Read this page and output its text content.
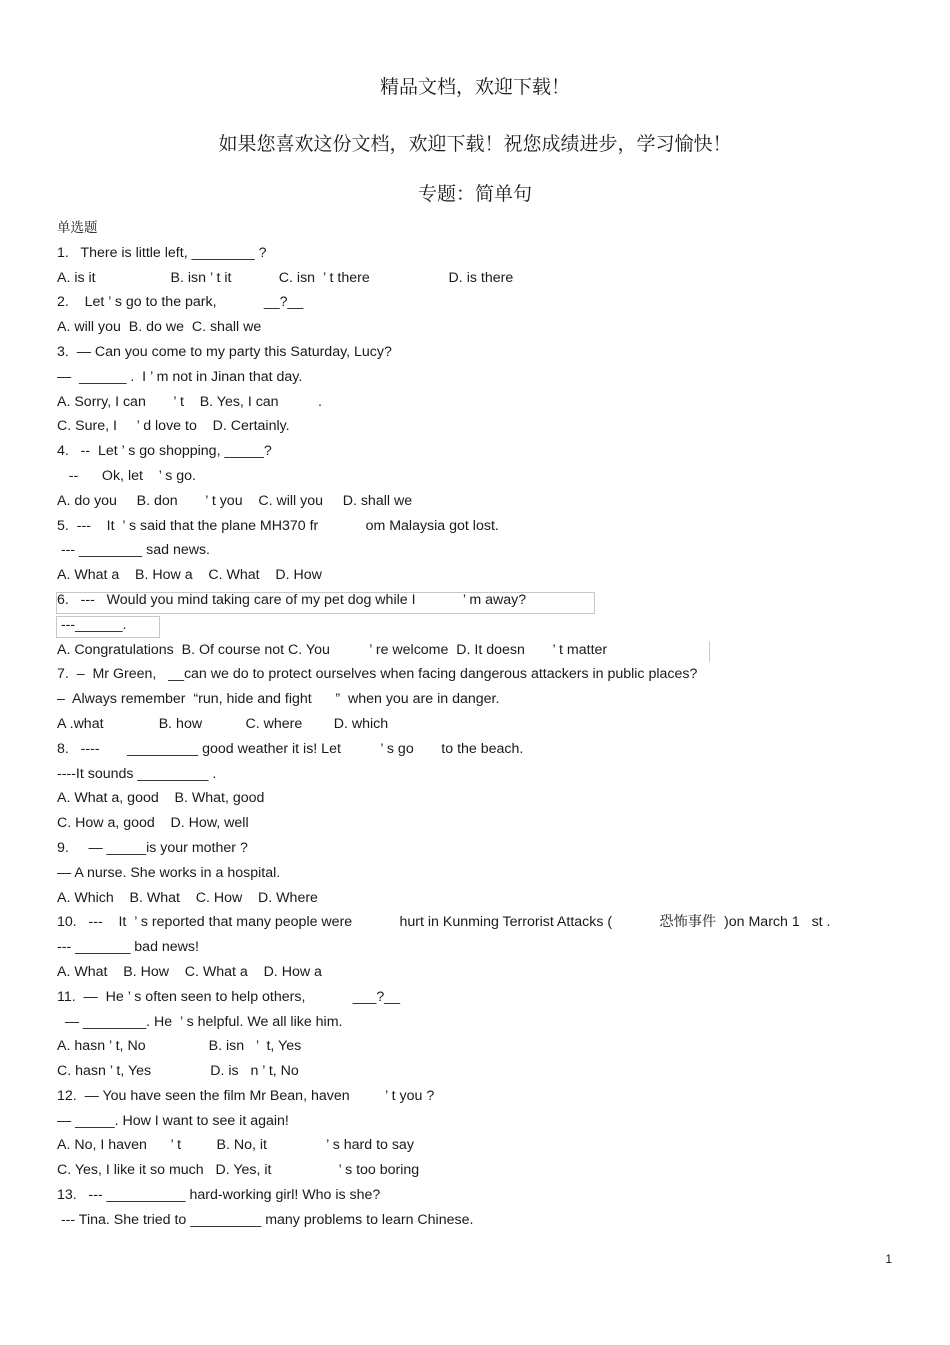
精品文档，欢迎下载！
如果您喜欢这份文档，欢迎下载！祝您成绩进步，学习愉快！
专题：简单句
单选题
1.   There is little left, ________ ?
A. is it                   B. isn ’ t it            C. isn  ’ t there                    D. is there
2.    Let ’ s go to the park,            __?__
A. will you  B. do we  C. shall we
3.  — Can you come to my party this Saturday, Lucy?
—  ______ .  I ’ m not in Jinan that day.
A. Sorry, I can       ’ t    B. Yes, I can          .
C. Sure, I     ’ d love to    D. Certainly.
4.   --  Let ’ s go shopping, _____?
--      Ok, let    ’ s go.
A. do you     B. don       ’ t you    C. will you     D. shall we
5.  ---    It  ’ s said that the plane MH370 fr            om Malaysia got lost.
--- ________ sad news.
A. What a    B. How a    C. What    D. How
6.   ---   Would you mind taking care of my pet dog while I            ’ m away?
---______.
A. Congratulations  B. Of course not C. You          ’ re welcome  D. It doesn       ’ t matter
7.  –  Mr Green,   __can we do to protect ourselves when facing dangerous attackers in public places?
–  Always remember  “run, hide and fight      ”  when you are in danger.
A .what              B. how           C. where        D. which
8.   ----       _________ good weather it is! Let          ’ s go       to the beach.
----It sounds _________ .
A. What a, good    B. What, good
C. How a, good    D. How, well
9.     — _____is your mother ?
— A nurse. She works in a hospital.
A. Which    B. What    C. How    D. Where
10.   ---    It  ’ s reported that many people were            hurt in Kunming Terrorist Attacks (            恐怖事件  )on March 1   st .
--- _______ bad news!
A. What    B. How    C. What a    D. How a
11.  —  He ’ s often seen to help others,            ___?__
— ________. He  ’ s helpful. We all like him.
A. hasn ’ t, No                B. isn   ’  t, Yes
C. hasn ’ t, Yes               D. is   n ’ t, No
12.  — You have seen the film Mr Bean, haven         ’ t you ?
— _____. How I want to see it again!
A. No, I haven      ’ t         B. No, it               ’ s hard to say
C. Yes, I like it so much   D. Yes, it                 ’ s too boring
13.   --- __________ hard-working girl! Who is she?
--- Tina. She tried to _________ many problems to learn Chinese.
1
